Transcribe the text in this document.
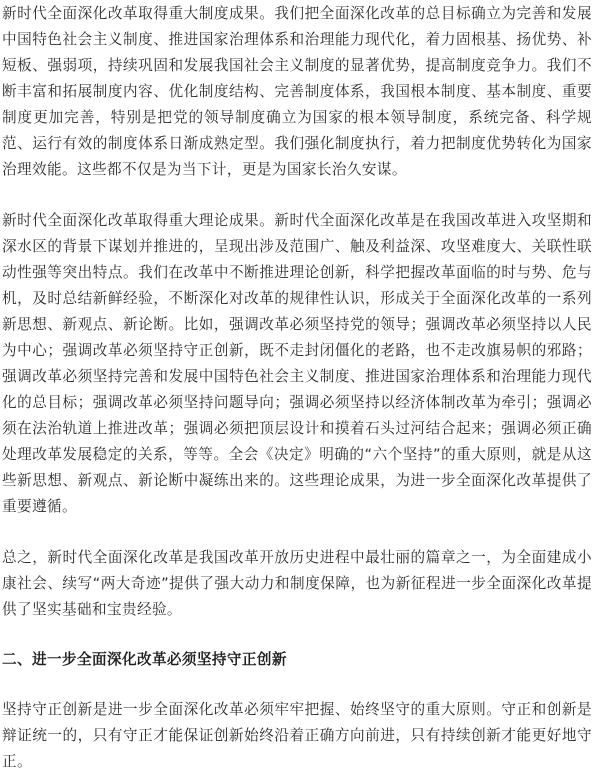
新时代全面深化改革取得重大制度成果。我们把全面深化改革的总目标确立为完善和发展中国特色社会主义制度、推进国家治理体系和治理能力现代化，着力固根基、扬优势、补短板、强弱项，持续巩固和发展我国社会主义制度的显著优势，提高制度竞争力。我们不断丰富和拓展制度内容、优化制度结构、完善制度体系，我国根本制度、基本制度、重要制度更加完善，特别是把党的领导制度确立为国家的根本领导制度，系统完备、科学规范、运行有效的制度体系日渐成熟定型。我们强化制度执行，着力把制度优势转化为国家治理效能。这些都不仅是为当下计，更是为国家长治久安谋。

新时代全面深化改革取得重大理论成果。新时代全面深化改革是在我国改革进入攻坚期和深水区的背景下谋划并推进的，呈现出涉及范围广、触及利益深、攻坚难度大、关联性联动性强等突出特点。我们在改革中不断推进理论创新，科学把握改革面临的时与势、危与机，及时总结新鲜经验，不断深化对改革的规律性认识，形成关于全面深化改革的一系列新思想、新观点、新论断。比如，强调改革必须坚持党的领导；强调改革必须坚持以人民为中心；强调改革必须坚持守正创新，既不走封闭僵化的老路，也不走改旗易帜的邪路；强调改革必须坚持完善和发展中国特色社会主义制度、推进国家治理体系和治理能力现代化的总目标；强调改革必须坚持问题导向；强调必须坚持以经济体制改革为牵引；强调必须在法治轨道上推进改革；强调必须把顶层设计和摸着石头过河结合起来；强调必须正确处理改革发展稳定的关系，等等。全会《决定》明确的“六个坚持”的重大原则，就是从这些新思想、新观点、新论断中凝练出来的。这些理论成果，为进一步全面深化改革提供了重要遵循。

总之，新时代全面深化改革是我国改革开放历史进程中最壮丽的篇章之一，为全面建成小康社会、续写“两大奇迹”提供了强大动力和制度保障，也为新征程进一步全面深化改革提供了坚实基础和宝贵经验。

二、进一步全面深化改革必须坚持守正创新

坚持守正创新是进一步全面深化改革必须牢牢把握、始终坚守的重大原则。守正和创新是辩证统一的，只有守正才能保证创新始终沿着正确方向前进，只有持续创新才能更好地守正。
